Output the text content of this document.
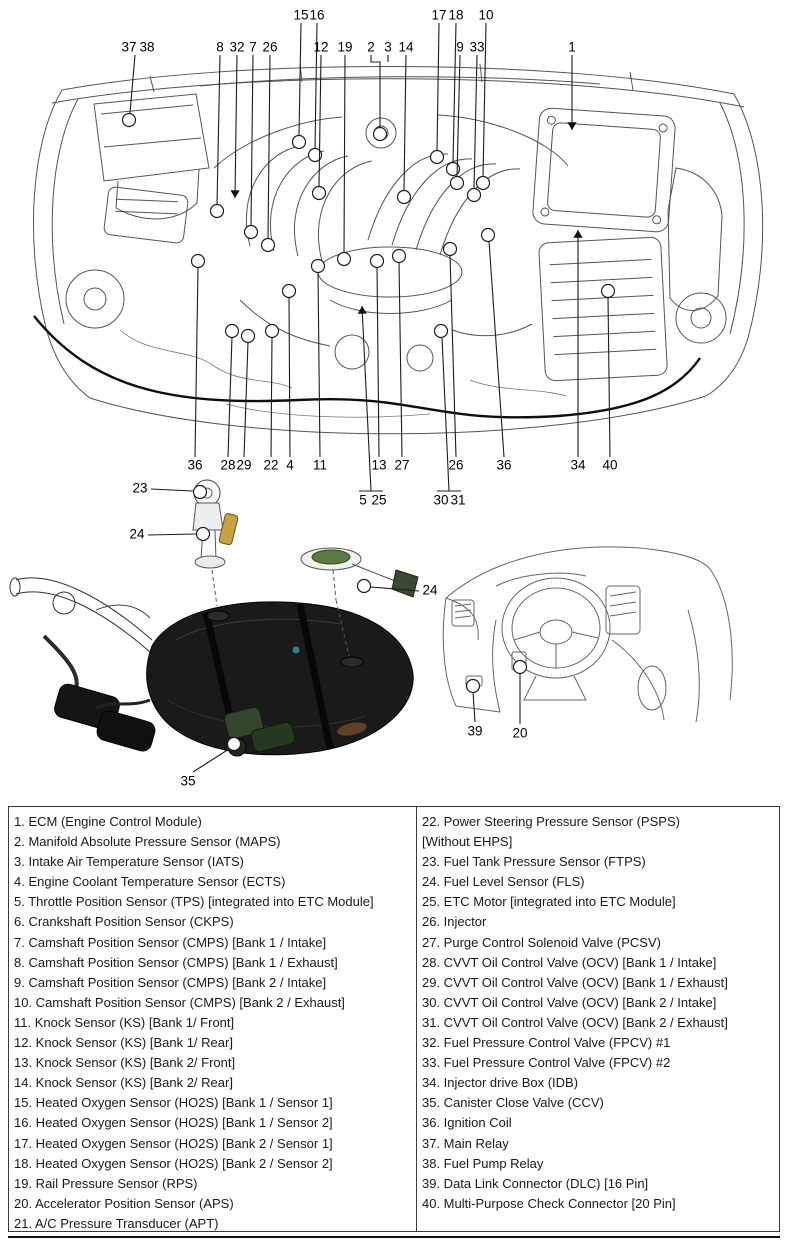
15 16	17 18 10
37 38	8 32 7 26	12 19 2 3 14	9 33	1
36 28 29 22 4 11	13 27	26 36	34 40
5 25	30 31
23
24
24
35
39 20
1. ECM (Engine Control Module)
2. Manifold Absolute Pressure Sensor (MAPS)
3. Intake Air Temperature Sensor (IATS)
4. Engine Coolant Temperature Sensor (ECTS)
5. Throttle Position Sensor (TPS) [integrated into ETC Module]
6. Crankshaft Position Sensor (CKPS)
7. Camshaft Position Sensor (CMPS) [Bank 1 / Intake]
8. Camshaft Position Sensor (CMPS) [Bank 1 / Exhaust]
9. Camshaft Position Sensor (CMPS) [Bank 2 / Intake]
10. Camshaft Position Sensor (CMPS) [Bank 2 / Exhaust]
11. Knock Sensor (KS) [Bank 1/ Front]
12. Knock Sensor (KS) [Bank 1/ Rear]
13. Knock Sensor (KS) [Bank 2/ Front]
14. Knock Sensor (KS) [Bank 2/ Rear]
15. Heated Oxygen Sensor (HO2S) [Bank 1 / Sensor 1]
16. Heated Oxygen Sensor (HO2S) [Bank 1 / Sensor 2]
17. Heated Oxygen Sensor (HO2S) [Bank 2 / Sensor 1]
18. Heated Oxygen Sensor (HO2S) [Bank 2 / Sensor 2]
19. Rail Pressure Sensor (RPS)
20. Accelerator Position Sensor (APS)
21. A/C Pressure Transducer (APT)
22. Power Steering Pressure Sensor (PSPS)
[Without EHPS]
23. Fuel Tank Pressure Sensor (FTPS)
24. Fuel Level Sensor (FLS)
25. ETC Motor [integrated into ETC Module]
26. Injector
27. Purge Control Solenoid Valve (PCSV)
28. CVVT Oil Control Valve (OCV) [Bank 1 / Intake]
29. CVVT Oil Control Valve (OCV) [Bank 1 / Exhaust]
30. CVVT Oil Control Valve (OCV) [Bank 2 / Intake]
31. CVVT Oil Control Valve (OCV) [Bank 2 / Exhaust]
32. Fuel Pressure Control Valve (FPCV) #1
33. Fuel Pressure Control Valve (FPCV) #2
34. Injector drive Box (IDB)
35. Canister Close Valve (CCV)
36. Ignition Coil
37. Main Relay
38. Fuel Pump Relay
39. Data Link Connector (DLC) [16 Pin]
40. Multi-Purpose Check Connector [20 Pin]
